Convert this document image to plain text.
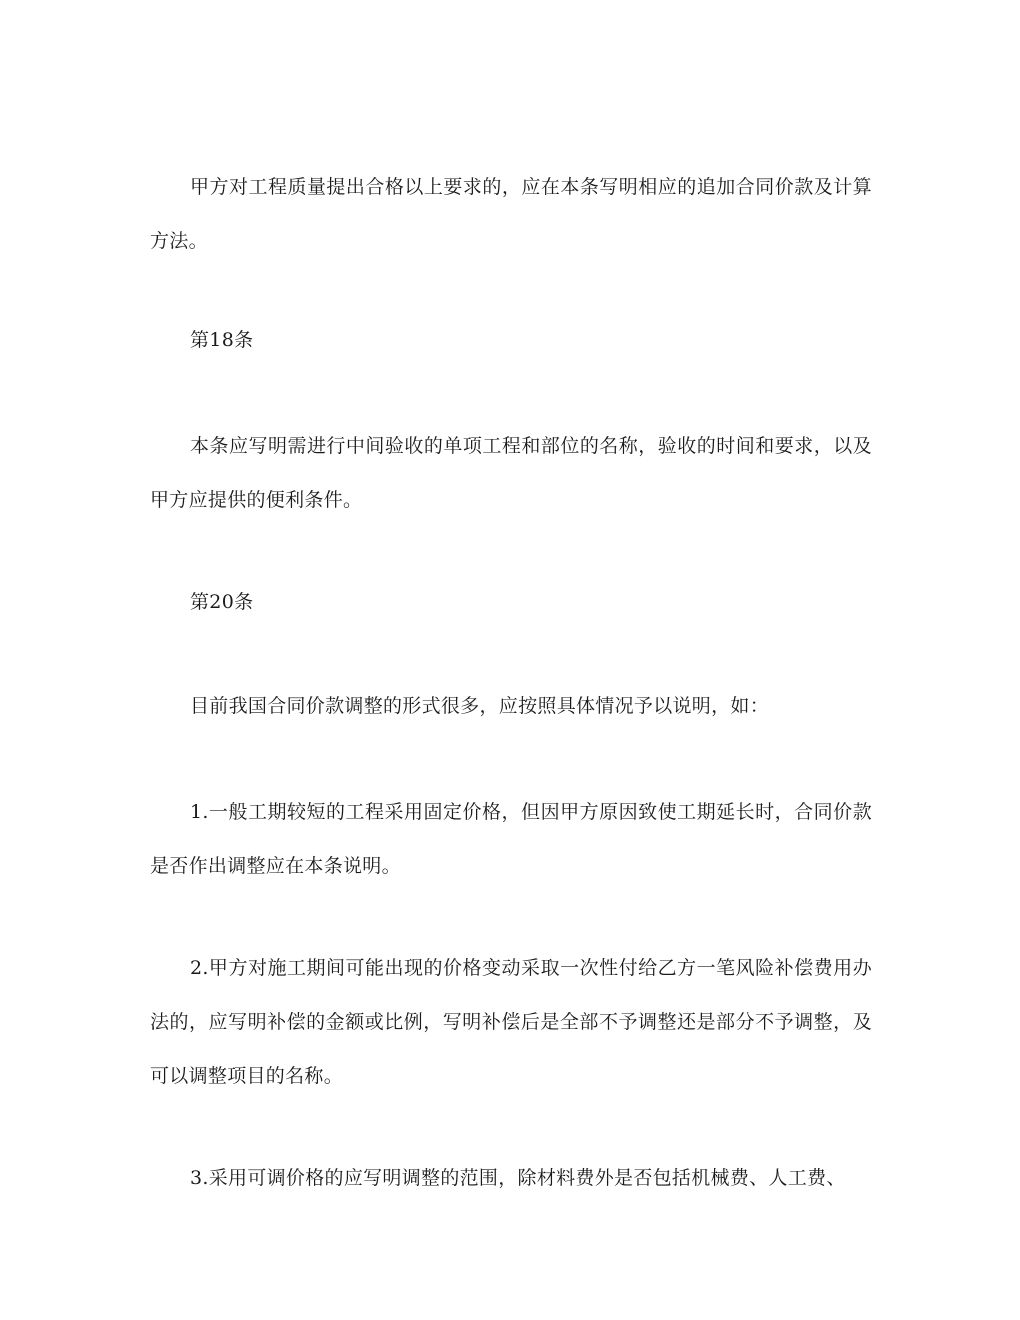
甲方对工程质量提出合格以上要求的，应在本条写明相应的追加合同价款及计算方法。

第18条

本条应写明需进行中间验收的单项工程和部位的名称，验收的时间和要求，以及甲方应提供的便利条件。

第20条

目前我国合同价款调整的形式很多，应按照具体情况予以说明，如：

1.一般工期较短的工程采用固定价格，但因甲方原因致使工期延长时，合同价款是否作出调整应在本条说明。

2.甲方对施工期间可能出现的价格变动采取一次性付给乙方一笔风险补偿费用办法的，应写明补偿的金额或比例，写明补偿后是全部不予调整还是部分不予调整，及可以调整项目的名称。

3.采用可调价格的应写明调整的范围，除材料费外是否包括机械费、人工费、
